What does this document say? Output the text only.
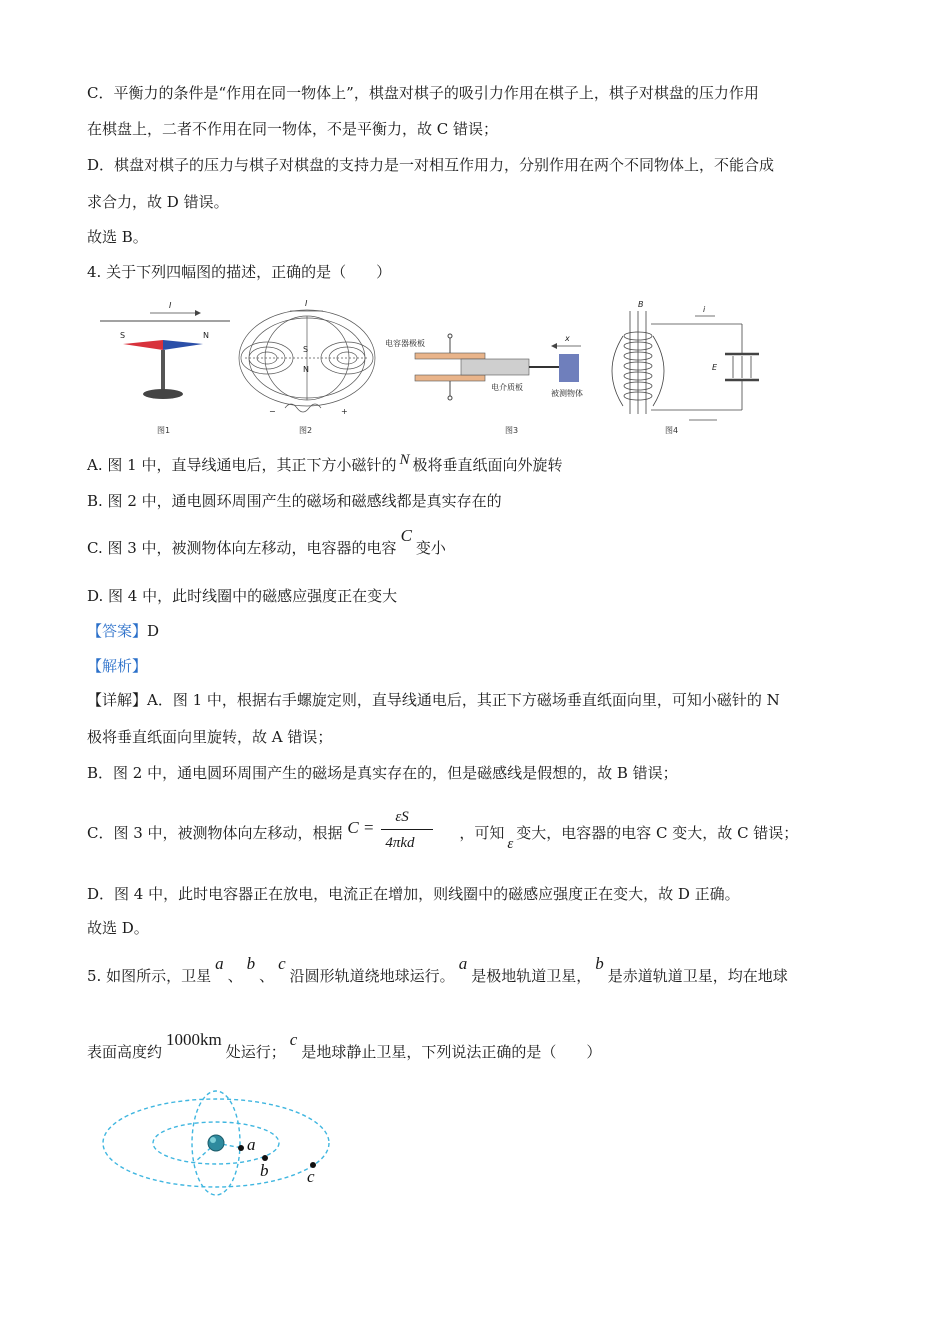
C．平衡力的条件是“作用在同一物体上”，棋盘对棋子的吸引力作用在棋子上，棋子对棋盘的压力作用
在棋盘上，二者不作用在同一物体，不是平衡力，故 C 错误；
D．棋盘对棋子的压力与棋子对棋盘的支持力是一对相互作用力，分别作用在两个不同物体上，不能合成
求合力，故 D 错误。
故选 B。
4. 关于下列四幅图的描述，正确的是（　　）
I
S	N
图1
I
S
N
−	+
图2
电容器极板
x
电介质板
被测物体
图3
B
i
E
图4
A. 图 1 中，直导线通电后，其正下方小磁针的 N 极将垂直纸面向外旋转
B. 图 2 中，通电圆环周围产生的磁场和磁感线都是真实存在的
C. 图 3 中，被测物体向左移动，电容器的电容C变小
D. 图 4 中，此时线圈中的磁感应强度正在变大
【答案】D
【解析】
【详解】A．图 1 中，根据右手螺旋定则，直导线通电后，其正下方磁场垂直纸面向里，可知小磁针的 N
极将垂直纸面向里旋转，故 A 错误；
B．图 2 中，通电圆环周围产生的磁场是真实存在的，但是磁感线是假想的，故 B 错误；
C．图 3 中，被测物体向左移动，根据 C =
εS
4πkd
，可知ε变大，电容器的电容 C 变大，故 C 错误；
D．图 4 中，此时电容器正在放电，电流正在增加，则线圈中的磁感应强度正在变大，故 D 正确。
故选 D。
5. 如图所示，卫星a、b、c沿圆形轨道绕地球运行。a是极地轨道卫星，b是赤道轨道卫星，均在地球
表面高度约1000km处运行；c是地球静止卫星，下列说法正确的是（　　）
a
b c
